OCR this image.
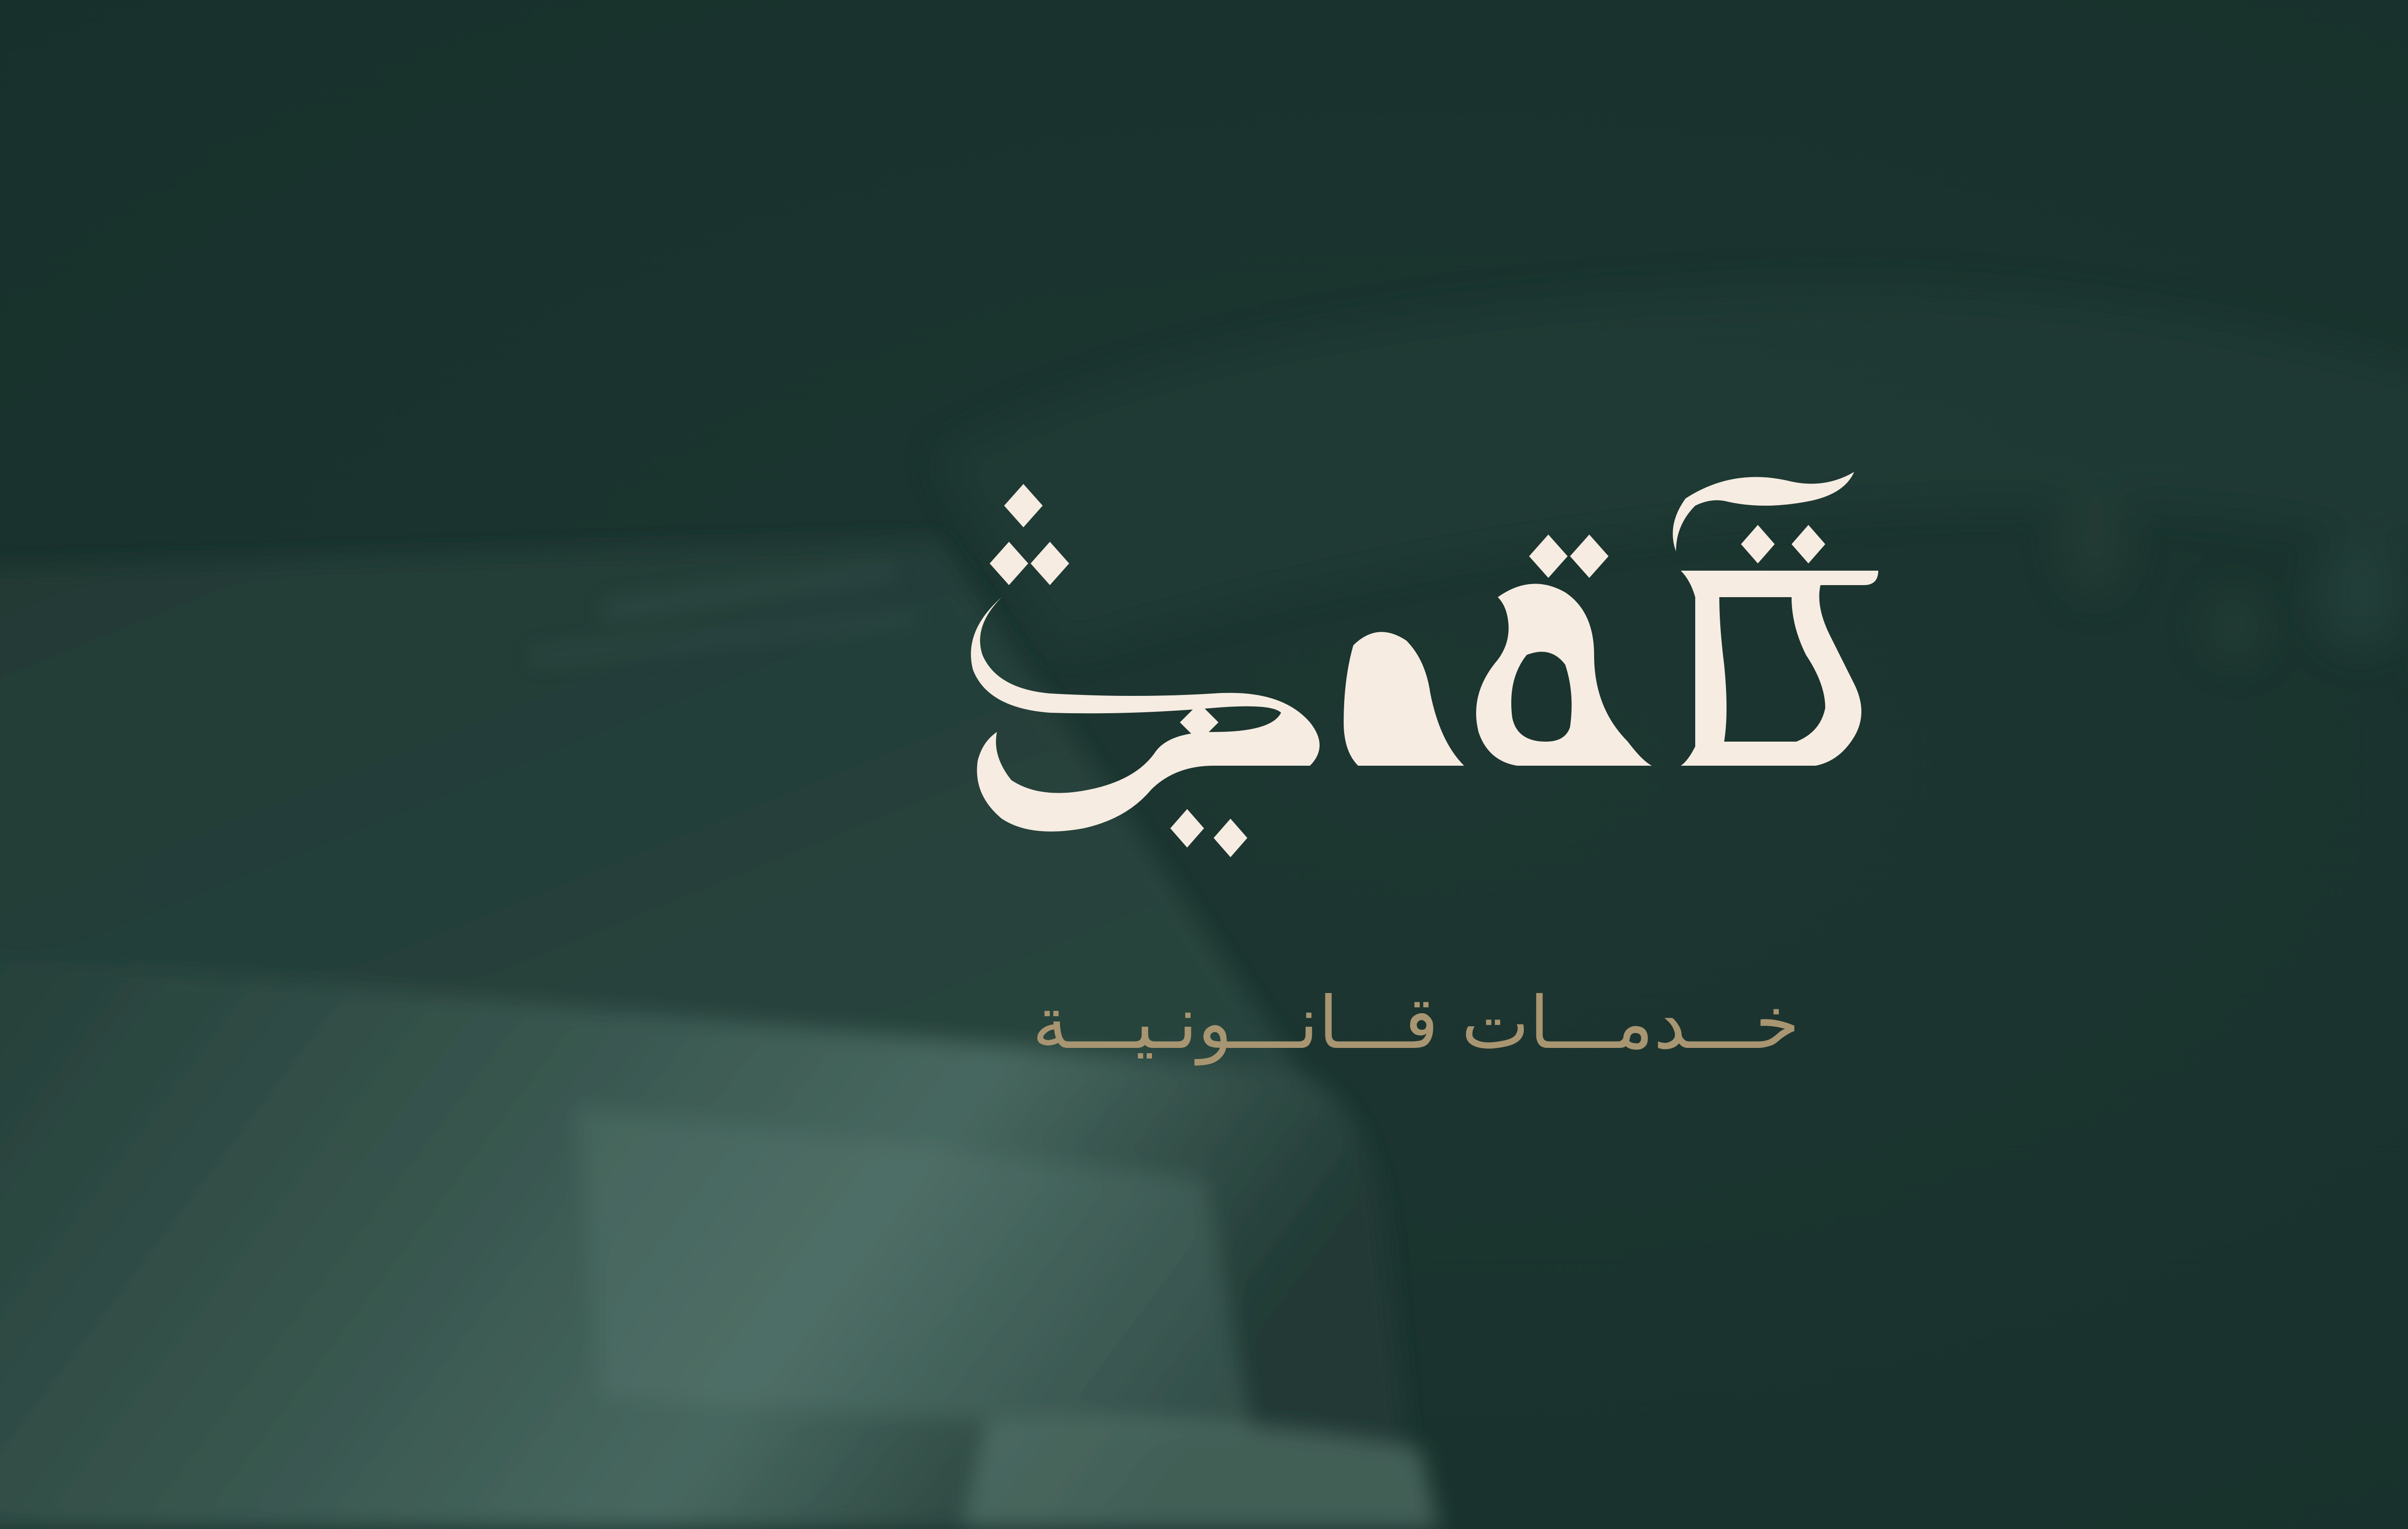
خـــدمـــات قـــانـــونـيـــة
